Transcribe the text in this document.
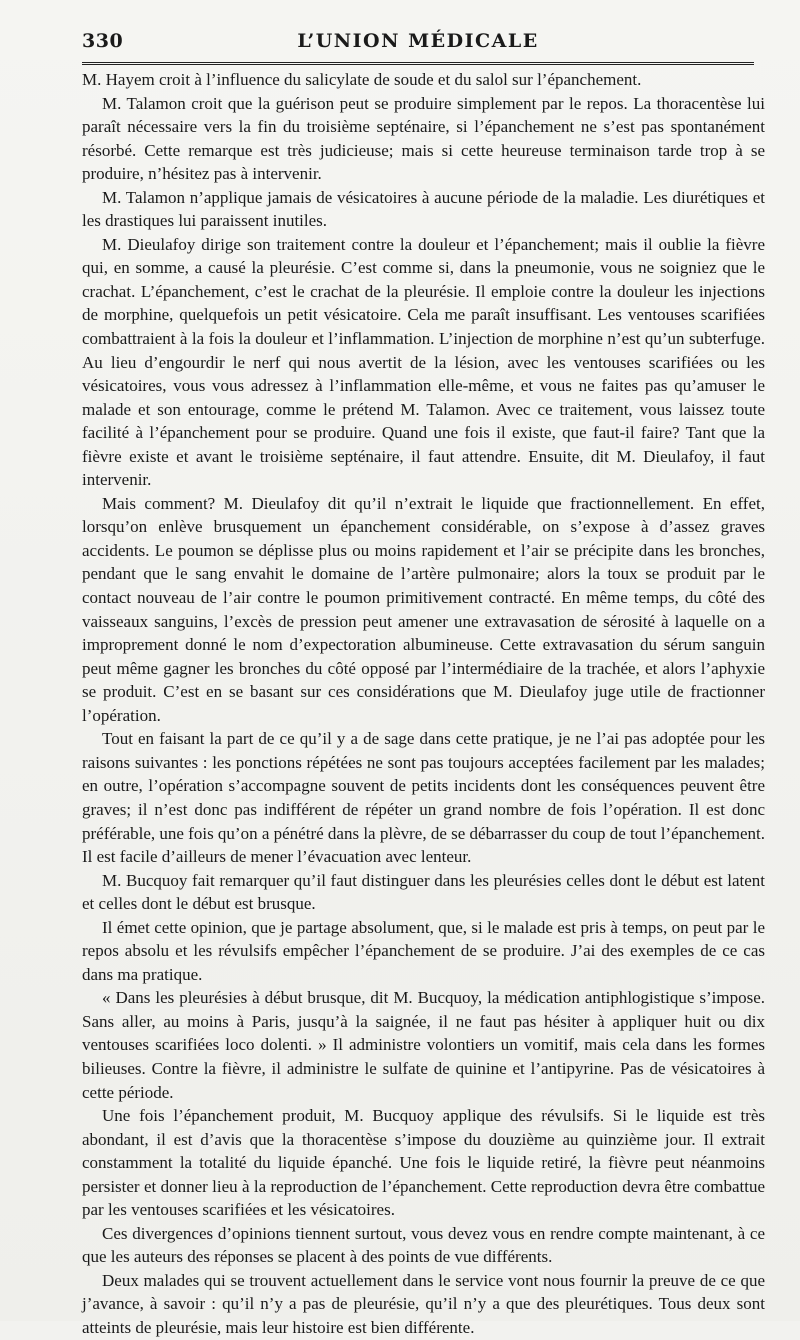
330	L’UNION MÉDICALE

M. Hayem croit à l’influence du salicylate de soude et du salol sur l’épanchement.

M. Talamon croit que la guérison peut se produire simplement par le repos. La thoracentèse lui paraît nécessaire vers la fin du troisième septénaire, si l’épanchement ne s’est pas spontanément résorbé. Cette remarque est très judicieuse; mais si cette heureuse terminaison tarde trop à se produire, n’hésitez pas à intervenir.

M. Talamon n’applique jamais de vésicatoires à aucune période de la maladie. Les diurétiques et les drastiques lui paraissent inutiles.

M. Dieulafoy dirige son traitement contre la douleur et l’épanchement; mais il oublie la fièvre qui, en somme, a causé la pleurésie. C’est comme si, dans la pneumonie, vous ne soigniez que le crachat. L’épanchement, c’est le crachat de la pleurésie. Il emploie contre la douleur les injections de morphine, quelquefois un petit vésicatoire. Cela me paraît insuffisant. Les ventouses scarifiées combattraient à la fois la douleur et l’inflammation. L’injection de morphine n’est qu’un subterfuge. Au lieu d’engourdir le nerf qui nous avertit de la lésion, avec les ventouses scarifiées ou les vésicatoires, vous vous adressez à l’inflammation elle-même, et vous ne faites pas qu’amuser le malade et son entourage, comme le prétend M. Talamon. Avec ce traitement, vous laissez toute facilité à l’épanchement pour se produire. Quand une fois il existe, que faut-il faire? Tant que la fièvre existe et avant le troisième septénaire, il faut attendre. Ensuite, dit M. Dieulafoy, il faut intervenir.

Mais comment? M. Dieulafoy dit qu’il n’extrait le liquide que fractionnellement. En effet, lorsqu’on enlève brusquement un épanchement considérable, on s’expose à d’assez graves accidents. Le poumon se déplisse plus ou moins rapidement et l’air se précipite dans les bronches, pendant que le sang envahit le domaine de l’artère pulmonaire; alors la toux se produit par le contact nouveau de l’air contre le poumon primitivement contracté. En même temps, du côté des vaisseaux sanguins, l’excès de pression peut amener une extravasation de sérosité à laquelle on a improprement donné le nom d’expectoration albumineuse. Cette extravasation du sérum sanguin peut même gagner les bronches du côté opposé par l’intermédiaire de la trachée, et alors l’aphyxie se produit. C’est en se basant sur ces considérations que M. Dieulafoy juge utile de fractionner l’opération.

Tout en faisant la part de ce qu’il y a de sage dans cette pratique, je ne l’ai pas adoptée pour les raisons suivantes : les ponctions répétées ne sont pas toujours acceptées facilement par les malades; en outre, l’opération s’accompagne souvent de petits incidents dont les conséquences peuvent être graves; il n’est donc pas indifférent de répéter un grand nombre de fois l’opération. Il est donc préférable, une fois qu’on a pénétré dans la plèvre, de se débarrasser du coup de tout l’épanchement. Il est facile d’ailleurs de mener l’évacuation avec lenteur.

M. Bucquoy fait remarquer qu’il faut distinguer dans les pleurésies celles dont le début est latent et celles dont le début est brusque.

Il émet cette opinion, que je partage absolument, que, si le malade est pris à temps, on peut par le repos absolu et les révulsifs empêcher l’épanchement de se produire. J’ai des exemples de ce cas dans ma pratique.

« Dans les pleurésies à début brusque, dit M. Bucquoy, la médication antiphlogistique s’impose. Sans aller, au moins à Paris, jusqu’à la saignée, il ne faut pas hésiter à appliquer huit ou dix ventouses scarifiées loco dolenti. » Il administre volontiers un vomitif, mais cela dans les formes bilieuses. Contre la fièvre, il administre le sulfate de quinine et l’antipyrine. Pas de vésicatoires à cette période.

Une fois l’épanchement produit, M. Bucquoy applique des révulsifs. Si le liquide est très abondant, il est d’avis que la thoracentèse s’impose du douzième au quinzième jour. Il extrait constamment la totalité du liquide épanché. Une fois le liquide retiré, la fièvre peut néanmoins persister et donner lieu à la reproduction de l’épanchement. Cette reproduction devra être combattue par les ventouses scarifiées et les vésicatoires.

Ces divergences d’opinions tiennent surtout, vous devez vous en rendre compte maintenant, à ce que les auteurs des réponses se placent à des points de vue différents.

Deux malades qui se trouvent actuellement dans le service vont nous fournir la preuve de ce que j’avance, à savoir : qu’il n’y a pas de pleurésie, qu’il n’y a que des pleurétiques. Tous deux sont atteints de pleurésie, mais leur histoire est bien différente.
